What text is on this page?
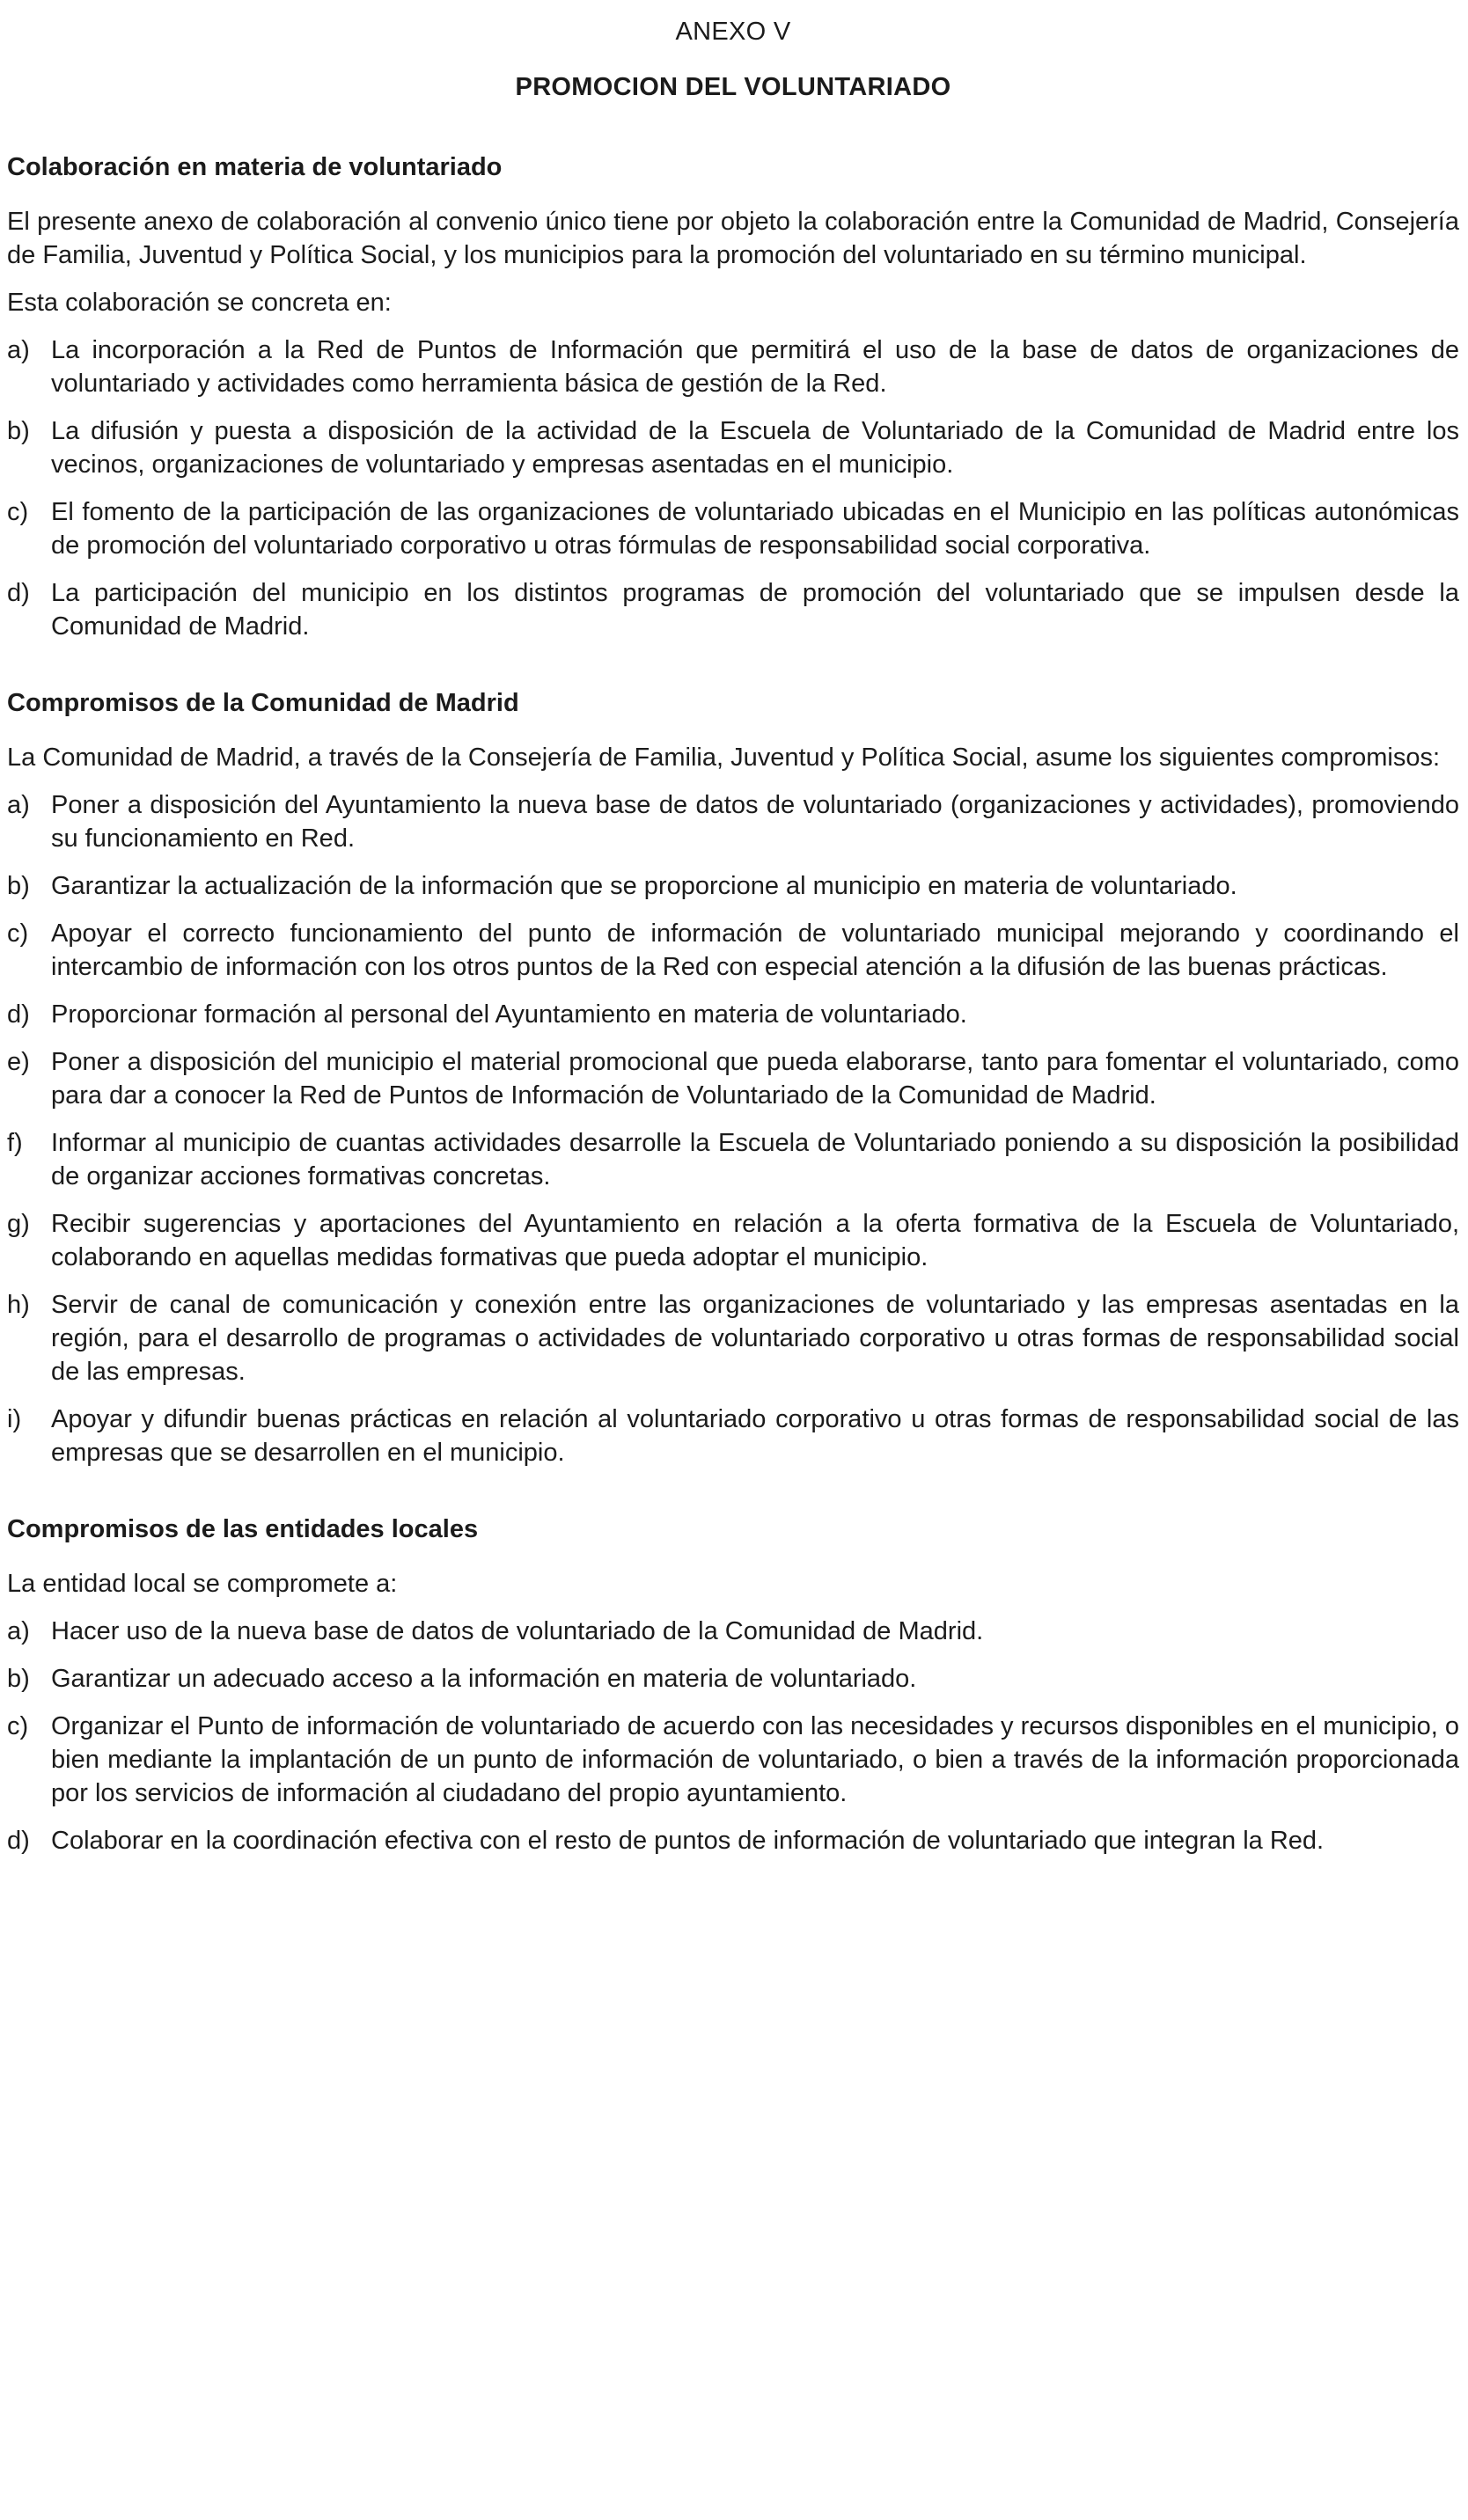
ANEXO V
PROMOCION DEL VOLUNTARIADO
Colaboración en materia de voluntariado

El presente anexo de colaboración al convenio único tiene por objeto la colaboración entre la Comunidad de Madrid, Consejería de Familia, Juventud y Política Social, y los municipios para la promoción del voluntariado en su término municipal.

Esta colaboración se concreta en:

a) La incorporación a la Red de Puntos de Información que permitirá el uso de la base de datos de organizaciones de voluntariado y actividades como herramienta básica de gestión de la Red.
b) La difusión y puesta a disposición de la actividad de la Escuela de Voluntariado de la Comunidad de Madrid entre los vecinos, organizaciones de voluntariado y empresas asentadas en el municipio.
c) El fomento de la participación de las organizaciones de voluntariado ubicadas en el Municipio en las políticas autonómicas de promoción del voluntariado corporativo u otras fórmulas de responsabilidad social corporativa.
d) La participación del municipio en los distintos programas de promoción del voluntariado que se impulsen desde la Comunidad de Madrid.
Compromisos de la Comunidad de Madrid

La Comunidad de Madrid, a través de la Consejería de Familia, Juventud y Política Social, asume los siguientes compromisos:

a) Poner a disposición del Ayuntamiento la nueva base de datos de voluntariado (organizaciones y actividades), promoviendo su funcionamiento en Red.
b) Garantizar la actualización de la información que se proporcione al municipio en materia de voluntariado.
c) Apoyar el correcto funcionamiento del punto de información de voluntariado municipal mejorando y coordinando el intercambio de información con los otros puntos de la Red con especial atención a la difusión de las buenas prácticas.
d) Proporcionar formación al personal del Ayuntamiento en materia de voluntariado.
e) Poner a disposición del municipio el material promocional que pueda elaborarse, tanto para fomentar el voluntariado, como para dar a conocer la Red de Puntos de Información de Voluntariado de la Comunidad de Madrid.
f) Informar al municipio de cuantas actividades desarrolle la Escuela de Voluntariado poniendo a su disposición la posibilidad de organizar acciones formativas concretas.
g) Recibir sugerencias y aportaciones del Ayuntamiento en relación a la oferta formativa de la Escuela de Voluntariado, colaborando en aquellas medidas formativas que pueda adoptar el municipio.
h) Servir de canal de comunicación y conexión entre las organizaciones de voluntariado y las empresas asentadas en la región, para el desarrollo de programas o actividades de voluntariado corporativo u otras formas de responsabilidad social de las empresas.
i) Apoyar y difundir buenas prácticas en relación al voluntariado corporativo u otras formas de responsabilidad social de las empresas que se desarrollen en el municipio.
Compromisos de las entidades locales

La entidad local se compromete a:

a) Hacer uso de la nueva base de datos de voluntariado de la Comunidad de Madrid.
b) Garantizar un adecuado acceso a la información en materia de voluntariado.
c) Organizar el Punto de información de voluntariado de acuerdo con las necesidades y recursos disponibles en el municipio, o bien mediante la implantación de un punto de información de voluntariado, o bien a través de la información proporcionada por los servicios de información al ciudadano del propio ayuntamiento.
d) Colaborar en la coordinación efectiva con el resto de puntos de información de voluntariado que integran la Red.
